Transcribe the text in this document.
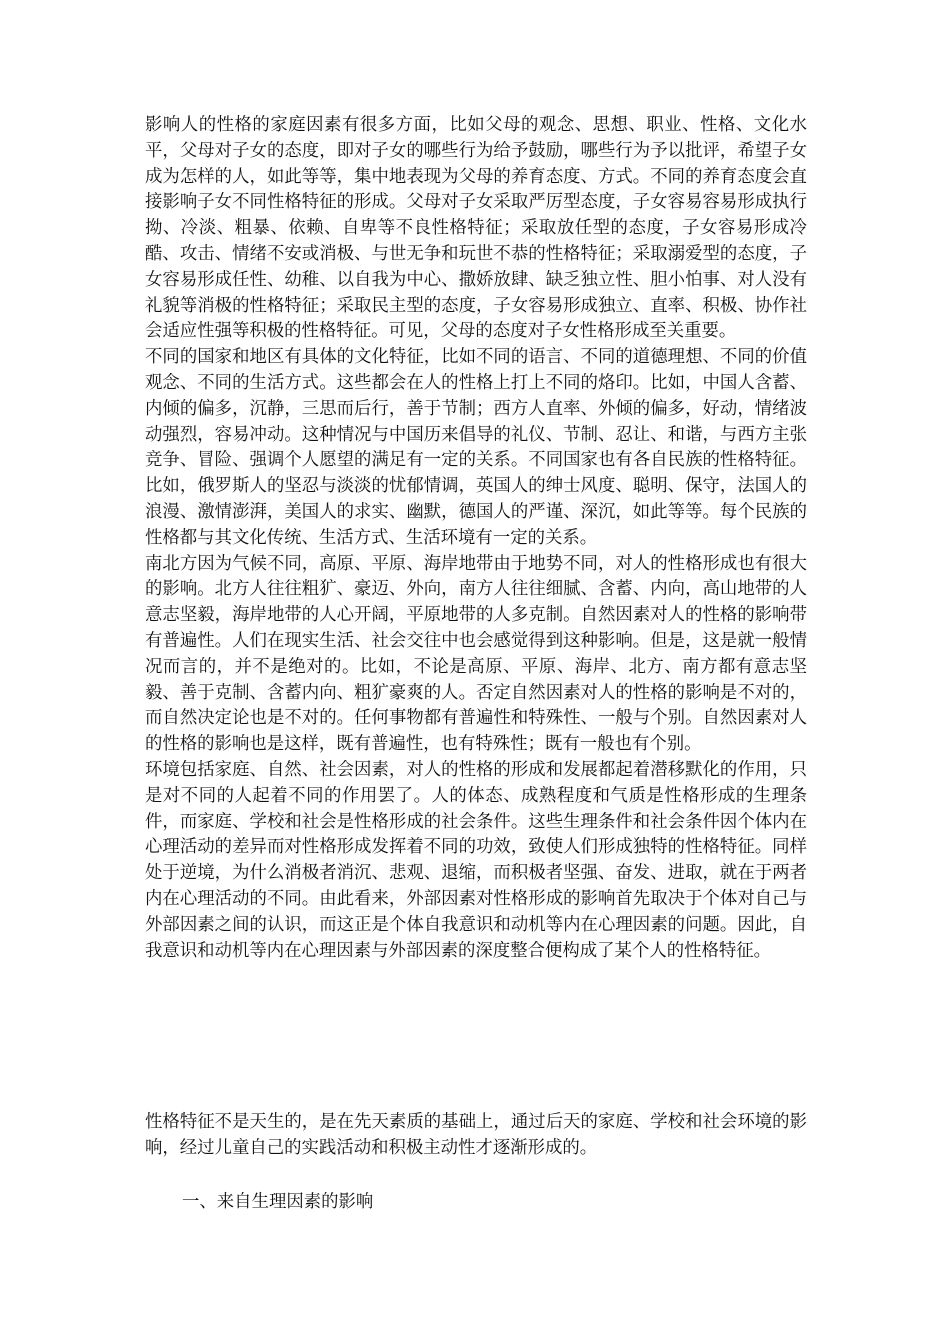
影响人的性格的家庭因素有很多方面，比如父母的观念、思想、职业、性格、文化水平，父母对子女的态度，即对子女的哪些行为给予鼓励，哪些行为予以批评，希望子女成为怎样的人，如此等等，集中地表现为父母的养育态度、方式。不同的养育态度会直接影响子女不同性格特征的形成。父母对子女采取严厉型态度，子女容易容易形成执行拗、冷淡、粗暴、依赖、自卑等不良性格特征；采取放任型的态度，子女容易形成冷酷、攻击、情绪不安或消极、与世无争和玩世不恭的性格特征；采取溺爱型的态度，子女容易形成任性、幼稚、以自我为中心、撒娇放肆、缺乏独立性、胆小怕事、对人没有礼貌等消极的性格特征；采取民主型的态度，子女容易形成独立、直率、积极、协作社会适应性强等积极的性格特征。可见，父母的态度对子女性格形成至关重要。

不同的国家和地区有具体的文化特征，比如不同的语言、不同的道德理想、不同的价值观念、不同的生活方式。这些都会在人的性格上打上不同的烙印。比如，中国人含蓄、内倾的偏多，沉静，三思而后行，善于节制；西方人直率、外倾的偏多，好动，情绪波动强烈，容易冲动。这种情况与中国历来倡导的礼仪、节制、忍让、和谐，与西方主张竞争、冒险、强调个人愿望的满足有一定的关系。不同国家也有各自民族的性格特征。比如，俄罗斯人的坚忍与淡淡的忧郁情调，英国人的绅士风度、聪明、保守，法国人的浪漫、激情澎湃，美国人的求实、幽默，德国人的严谨、深沉，如此等等。每个民族的性格都与其文化传统、生活方式、生活环境有一定的关系。

南北方因为气候不同，高原、平原、海岸地带由于地势不同，对人的性格形成也有很大的影响。北方人往往粗犷、豪迈、外向，南方人往往细腻、含蓄、内向，高山地带的人意志坚毅，海岸地带的人心开阔，平原地带的人多克制。自然因素对人的性格的影响带有普遍性。人们在现实生活、社会交往中也会感觉得到这种影响。但是，这是就一般情况而言的，并不是绝对的。比如，不论是高原、平原、海岸、北方、南方都有意志坚毅、善于克制、含蓄内向、粗犷豪爽的人。否定自然因素对人的性格的影响是不对的，而自然决定论也是不对的。任何事物都有普遍性和特殊性、一般与个别。自然因素对人的性格的影响也是这样，既有普遍性，也有特殊性；既有一般也有个别。

环境包括家庭、自然、社会因素，对人的性格的形成和发展都起着潜移默化的作用，只是对不同的人起着不同的作用罢了。人的体态、成熟程度和气质是性格形成的生理条件，而家庭、学校和社会是性格形成的社会条件。这些生理条件和社会条件因个体内在心理活动的差异而对性格形成发挥着不同的功效，致使人们形成独特的性格特征。同样处于逆境，为什么消极者消沉、悲观、退缩，而积极者坚强、奋发、进取，就在于两者内在心理活动的不同。由此看来，外部因素对性格形成的影响首先取决于个体对自己与外部因素之间的认识，而这正是个体自我意识和动机等内在心理因素的问题。因此，自我意识和动机等内在心理因素与外部因素的深度整合便构成了某个人的性格特征。

性格特征不是天生的，是在先天素质的基础上，通过后天的家庭、学校和社会环境的影响，经过儿童自己的实践活动和积极主动性才逐渐形成的。

一、来自生理因素的影响
